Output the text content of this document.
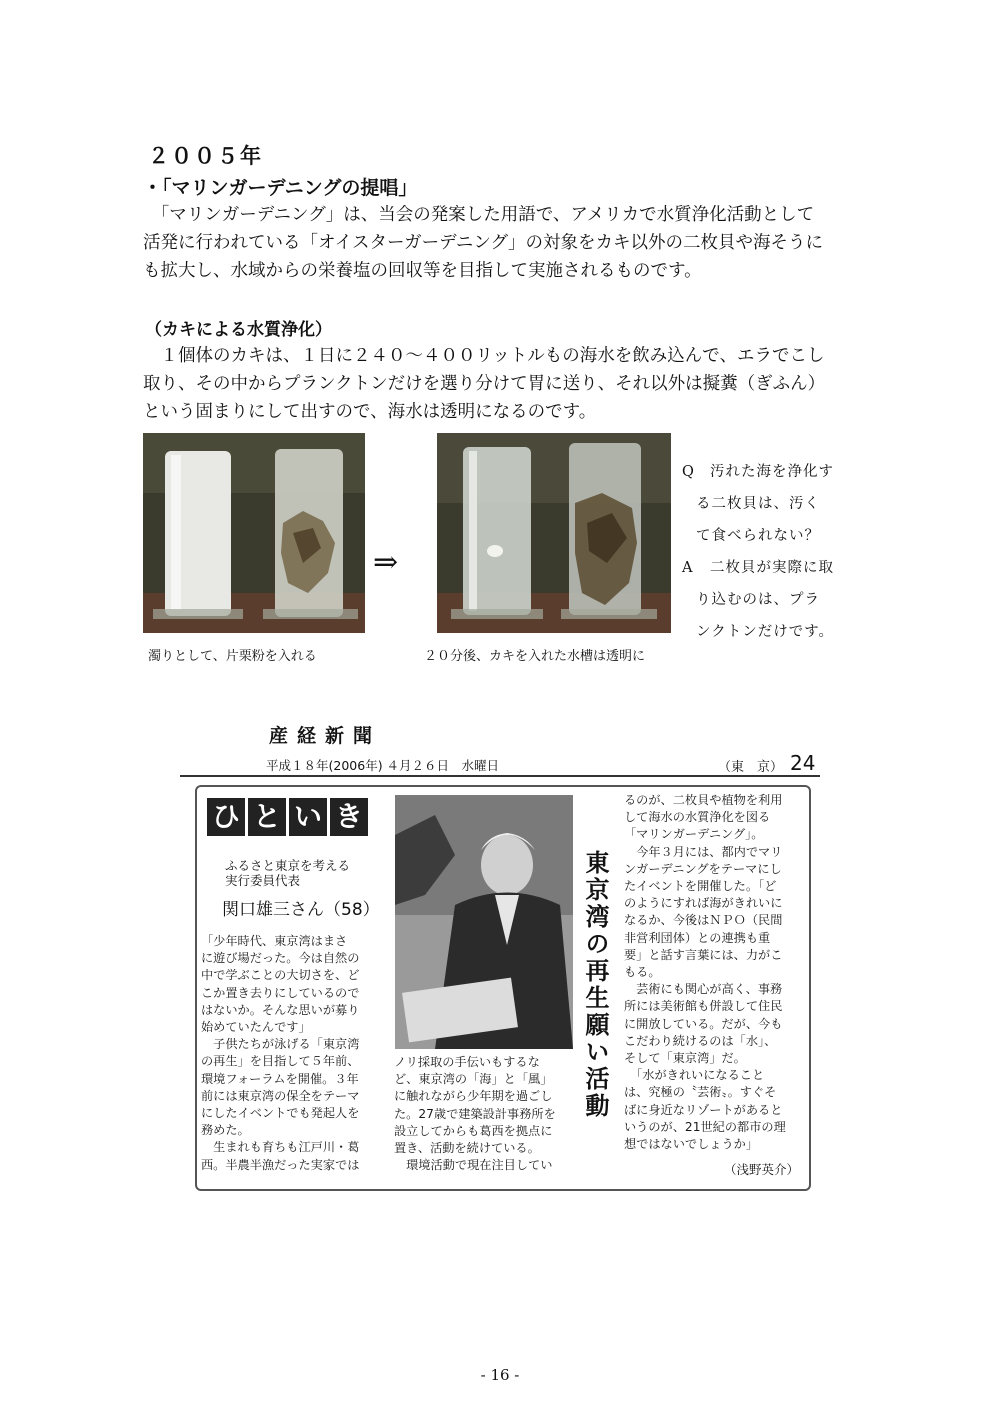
２００５年
・「マリンガーデニングの提唱」
　「マリンガーデニング」は、当会の発案した用語で、アメリカで水質浄化活動として
活発に行われている「オイスターガーデニング」の対象をカキ以外の二枚貝や海そうに
も拡大し、水域からの栄養塩の回収等を目指して実施されるものです。
（カキによる水質浄化）
　１個体のカキは、１日に２４０～４００リットルもの海水を飲み込んで、エラでこし
取り、その中からプランクトンだけを選り分けて胃に送り、それ以外は擬糞（ぎふん）
という固まりにして出すので、海水は透明になるのです。
⇒
Q 汚れた海を浄化す
る二枚貝は、汚く
て食べられない？
A 二枚貝が実際に取
り込むのは、プラ
ンクトンだけです。
濁りとして、片栗粉を入れる	２０分後、カキを入れた水槽は透明に
産経新聞
平成１８年(2006年) ４月２６日　水曜日	（東　京） 24
ひ と い き
ふるさと東京を考える
実行委員代表
関口雄三さん（58）
「少年時代、東京湾はまさ
に遊び場だった。今は自然の
中で学ぶことの大切さを、ど
こか置き去りにしているので
はないか。そんな思いが募り
始めていたんです」
　子供たちが泳げる「東京湾
の再生」を目指して５年前、
環境フォーラムを開催。３年
前には東京湾の保全をテーマ
にしたイベントでも発起人を
務めた。
　生まれも育ちも江戸川・葛
西。半農半漁だった実家では
東京湾の再生願い活動
ノリ採取の手伝いもするな
ど、東京湾の「海」と「風」
に触れながら少年期を過ごし
た。27歳で建築設計事務所を
設立してからも葛西を拠点に
置き、活動を続けている。
　環境活動で現在注目してい
るのが、二枚貝や植物を利用
して海水の水質浄化を図る
「マリンガーデニング」。
　今年３月には、都内でマリ
ンガーデニングをテーマにし
たイベントを開催した。「ど
のようにすれば海がきれいに
なるか、今後はＮＰＯ（民間
非営利団体）との連携も重
要」と話す言葉には、力がこ
もる。
　芸術にも関心が高く、事務
所には美術館も併設して住民
に開放している。だが、今も
こだわり続けるのは「水」、
そして「東京湾」だ。
　「水がきれいになること
は、究極の〝芸術〟。すぐそ
ばに身近なリゾートがあると
いうのが、21世紀の都市の理
想ではないでしょうか」
（浅野英介）
- 16 -
